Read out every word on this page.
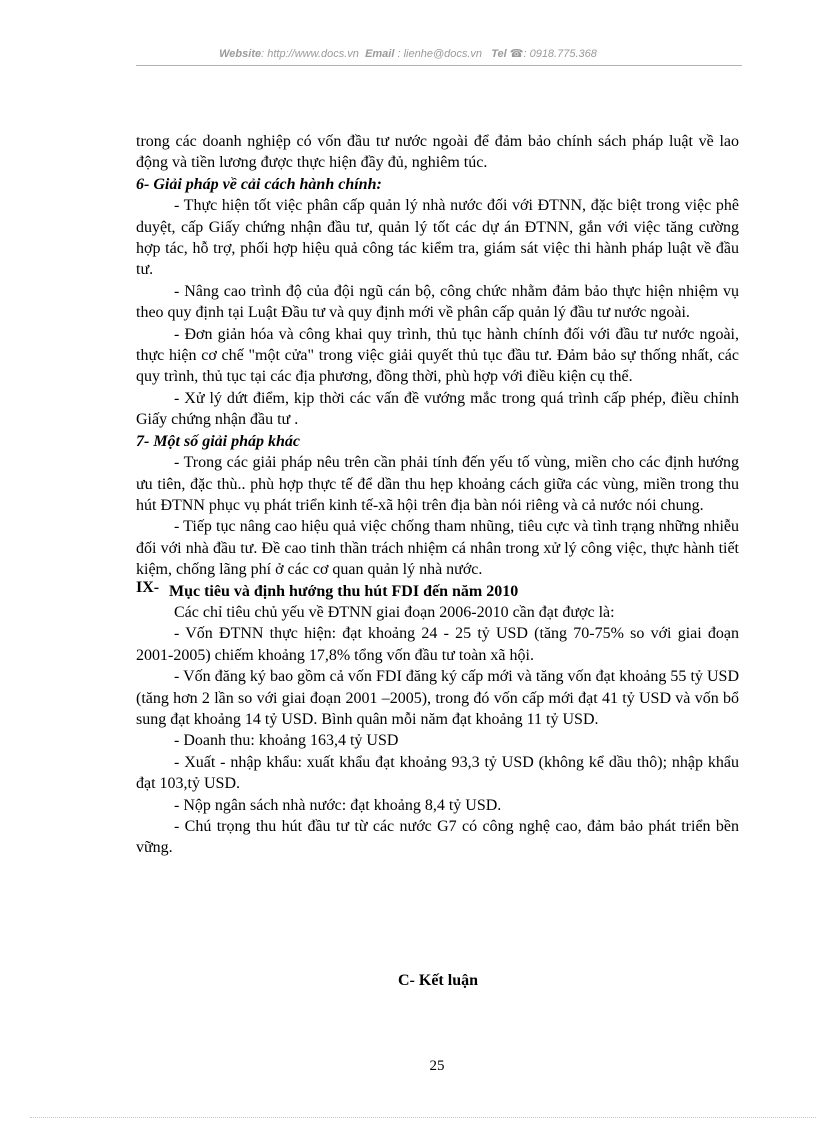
Website: http://www.docs.vn Email : lienhe@docs.vn Tel ☎: 0918.775.368

trong các doanh nghiệp có vốn đầu tư nước ngoài để đảm bảo chính sách pháp luật về lao động và tiền lương được thực hiện đầy đủ, nghiêm túc.

6- Giải pháp về cải cách hành chính:

- Thực hiện tốt việc phân cấp quản lý nhà nước đối với ĐTNN, đặc biệt trong việc phê duyệt, cấp Giấy chứng nhận đầu tư, quản lý tốt các dự án ĐTNN, gắn với việc tăng cường hợp tác, hỗ trợ, phối hợp hiệu quả công tác kiểm tra, giám sát việc thi hành pháp luật về đầu tư.

- Nâng cao trình độ của đội ngũ cán bộ, công chức nhằm đảm bảo thực hiện nhiệm vụ theo quy định tại Luật Đầu tư và quy định mới về phân cấp quản lý đầu tư nước ngoài.

- Đơn giản hóa và công khai quy trình, thủ tục hành chính đối với đầu tư nước ngoài, thực hiện cơ chế "một cửa" trong việc giải quyết thủ tục đầu tư. Đảm bảo sự thống nhất, các quy trình, thủ tục tại các địa phương, đồng thời, phù hợp với điều kiện cụ thể.

- Xử lý dứt điểm, kịp thời các vấn đề vướng mắc trong quá trình cấp phép, điều chỉnh Giấy chứng nhận đầu tư .

7- Một số giải pháp khác

- Trong các giải pháp nêu trên cần phải tính đến yếu tố vùng, miền cho các định hướng ưu tiên, đặc thù.. phù hợp thực tế để dần thu hẹp khoảng cách giữa các vùng, miền trong thu hút ĐTNN phục vụ phát triển kinh tế-xã hội trên địa bàn nói riêng và cả nước nói chung.

- Tiếp tục nâng cao hiệu quả việc chống tham nhũng, tiêu cực và tình trạng những nhiễu đối với nhà đầu tư. Đề cao tinh thần trách nhiệm cá nhân trong xử lý công việc, thực hành tiết kiệm, chống lãng phí ở các cơ quan quản lý nhà nước.

IX- Mục tiêu và định hướng thu hút FDI đến năm 2010

Các chỉ tiêu chủ yếu về ĐTNN giai đoạn 2006-2010 cần đạt được là:

- Vốn ĐTNN thực hiện: đạt khoảng 24 - 25 tỷ USD (tăng 70-75% so với giai đoạn 2001-2005) chiếm khoảng 17,8% tổng vốn đầu tư toàn xã hội.

- Vốn đăng ký bao gồm cả vốn FDI đăng ký cấp mới và tăng vốn đạt khoảng 55 tỷ USD (tăng hơn 2 lần so với giai đoạn 2001 –2005), trong đó vốn cấp mới đạt 41 tỷ USD và vốn bổ sung đạt khoảng 14 tỷ USD. Bình quân mỗi năm đạt khoảng 11 tỷ USD.

- Doanh thu: khoảng 163,4 tỷ USD

- Xuất - nhập khẩu: xuất khẩu đạt khoảng 93,3 tỷ USD (không kể dầu thô); nhập khẩu đạt 103,tỷ USD.

- Nộp ngân sách nhà nước: đạt khoảng 8,4 tỷ USD.

- Chú trọng thu hút đầu tư từ các nước G7 có công nghệ cao, đảm bảo phát triển bền vững.

C- Kết luận
25
